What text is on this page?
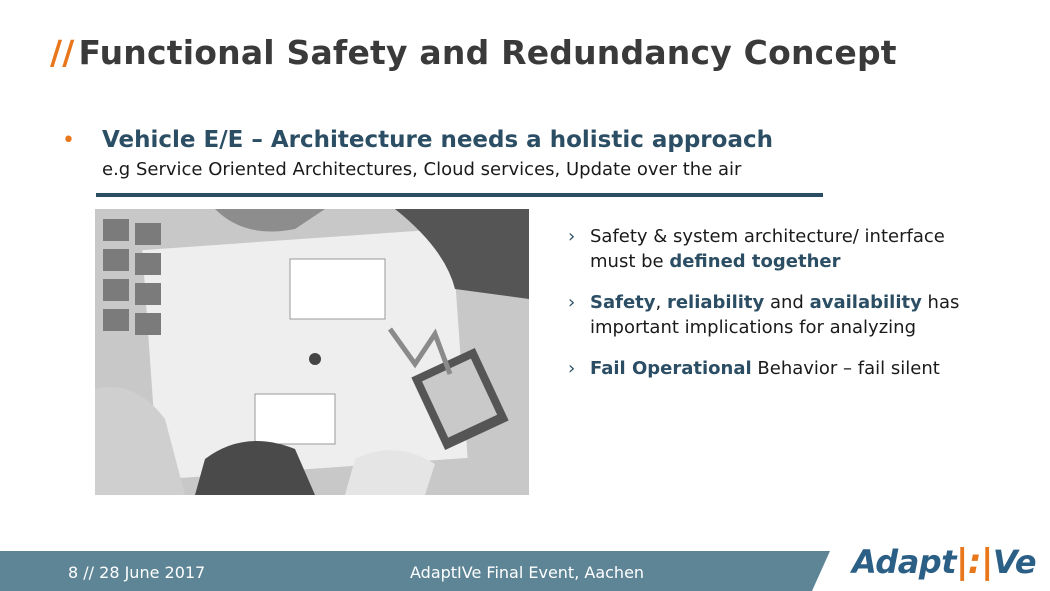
// Functional Safety and Redundancy Concept
• Vehicle E/E – Architecture needs a holistic approach

e.g Service Oriented Architectures, Cloud services, Update over the air

› Safety & system architecture/ interface must be defined together
› Safety, reliability and availability has important implications for analyzing
› Fail Operational Behavior – fail silent
8 // 28 June 2017	AdaptIVe Final Event, Aachen	Adapt|:|Ve
